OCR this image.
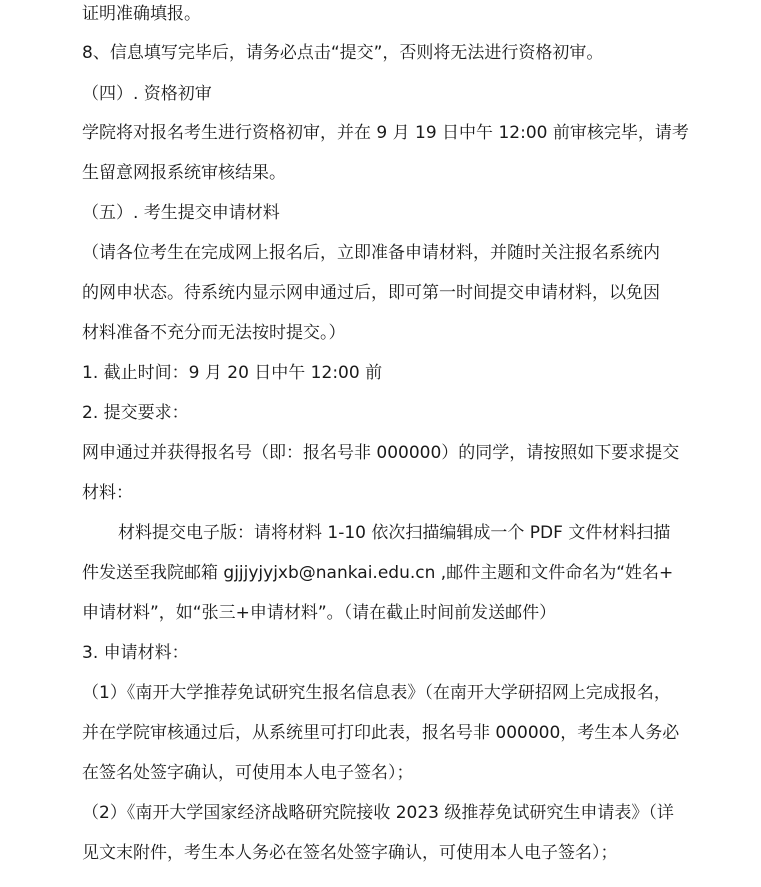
证明准确填报。
8、信息填写完毕后，请务必点击“提交”，否则将无法进行资格初审。
（四）. 资格初审
学院将对报名考生进行资格初审，并在 9 月 19 日中午 12:00 前审核完毕，请考
生留意网报系统审核结果。
（五）. 考生提交申请材料
（请各位考生在完成网上报名后，立即准备申请材料，并随时关注报名系统内
的网申状态。待系统内显示网申通过后，即可第一时间提交申请材料，以免因
材料准备不充分而无法按时提交。）
1. 截止时间：9 月 20 日中午 12:00 前
2. 提交要求：
网申通过并获得报名号（即：报名号非 000000）的同学，请按照如下要求提交
材料：
材料提交电子版：请将材料 1-10 依次扫描编辑成一个 PDF 文件材料扫描
件发送至我院邮箱 gjjjyjyjxb@nankai.edu.cn ,邮件主题和文件命名为“姓名+
申请材料”，如“张三+申请材料”。（请在截止时间前发送邮件）
3. 申请材料：
（1）《南开大学推荐免试研究生报名信息表》（在南开大学研招网上完成报名，
并在学院审核通过后，从系统里可打印此表，报名号非 000000，考生本人务必
在签名处签字确认，可使用本人电子签名）；
（2）《南开大学国家经济战略研究院接收 2023 级推荐免试研究生申请表》（详
见文末附件，考生本人务必在签名处签字确认，可使用本人电子签名）；
